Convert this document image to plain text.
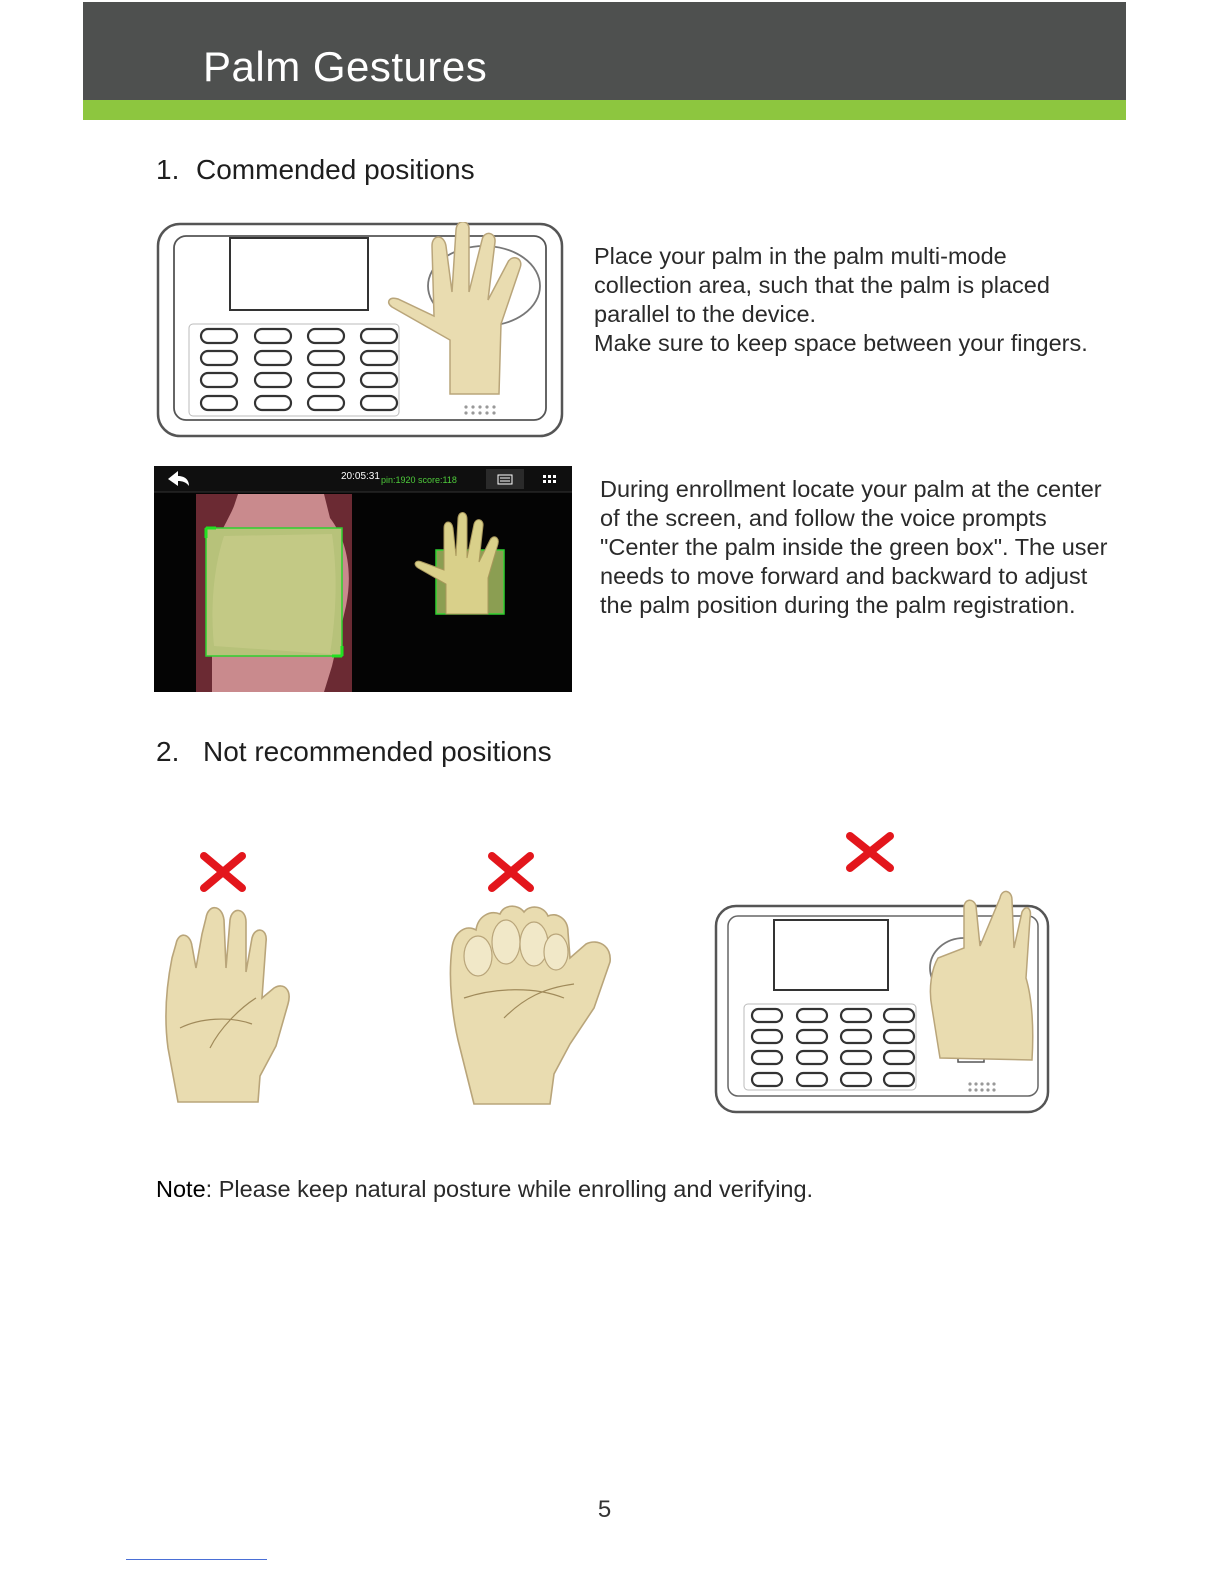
Palm Gestures
1. Commended positions
Place your palm in the palm multi-mode
collection area, such that the palm is placed
parallel to the device.
Make sure to keep space between your fingers.
20:05:31 pin:1920 score:118	During enrollment locate your palm at the center
of the screen, and follow the voice prompts
"Center the palm inside the green box". The user
needs to move forward and backward to adjust
the palm position during the palm registration.
2. Not recommended positions
Note: Please keep natural posture while enrolling and verifying.
5
